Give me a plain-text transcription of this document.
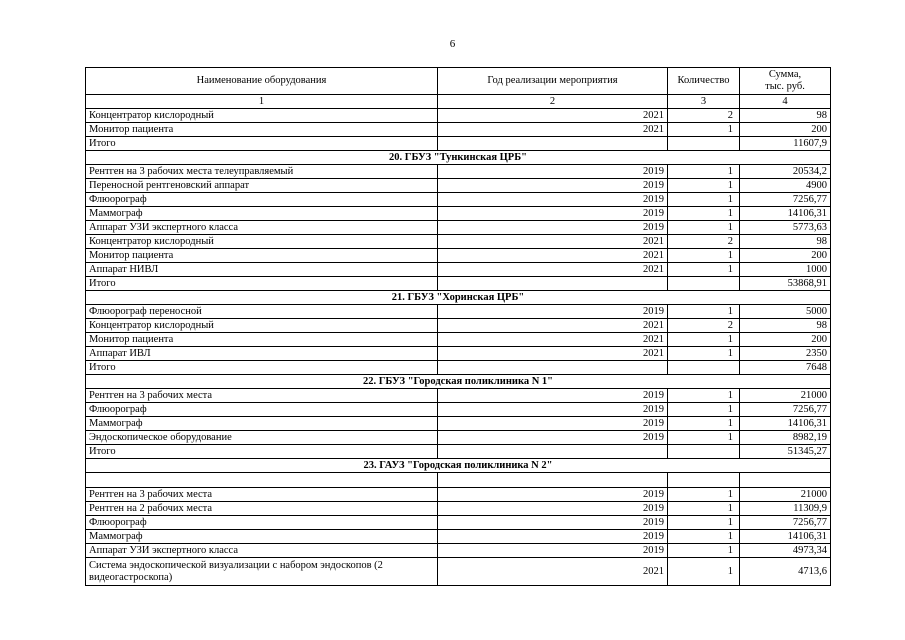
6
Наименование оборудования	Год реализации мероприятия	Количество	Сумма,
тыс. руб.
1	2	3	4
Концентратор кислородный	2021	2	98
Монитор пациента	2021	1	200
Итого			11607,9
20. ГБУЗ "Тункинская ЦРБ"			
Рентген на 3 рабочих места телеуправляемый	2019	1	20534,2
Переносной рентгеновский аппарат	2019	1	4900
Флюорограф	2019	1	7256,77
Маммограф	2019	1	14106,31
Аппарат УЗИ экспертного класса	2019	1	5773,63
Концентратор кислородный	2021	2	98
Монитор пациента	2021	1	200
Аппарат НИВЛ	2021	1	1000
Итого			53868,91
21. ГБУЗ "Хоринская ЦРБ"			
Флюорограф переносной	2019	1	5000
Концентратор кислородный	2021	2	98
Монитор пациента	2021	1	200
Аппарат ИВЛ	2021	1	2350
Итого			7648
22. ГБУЗ "Городская поликлиника N 1"			
Рентген на 3 рабочих места	2019	1	21000
Флюорограф	2019	1	7256,77
Маммограф	2019	1	14106,31
Эндоскопическое оборудование	2019	1	8982,19
Итого			51345,27
23. ГАУЗ "Городская поликлиника N 2"			

Рентген на 3 рабочих места	2019	1	21000
Рентген на 2 рабочих места	2019	1	11309,9
Флюорограф	2019	1	7256,77
Маммограф	2019	1	14106,31
Аппарат УЗИ экспертного класса	2019	1	4973,34
Система эндоскопической визуализации с набором эндоскопов (2 видеогастроскопа)	2021	1	4713,6
